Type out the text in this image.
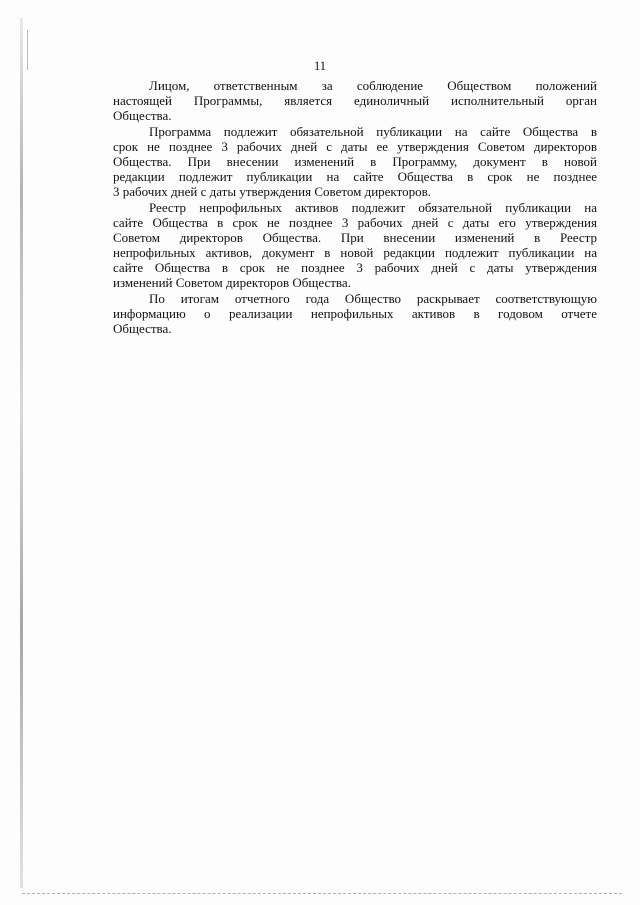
11
Лицом, ответственным за соблюдение Обществом положений
настоящей Программы, является единоличный исполнительный орган
Общества.
Программа подлежит обязательной публикации на сайте Общества в
срок не позднее 3 рабочих дней с даты ее утверждения Советом директоров
Общества. При внесении изменений в Программу, документ в новой
редакции подлежит публикации на сайте Общества в срок не позднее
3 рабочих дней с даты утверждения Советом директоров.
Реестр непрофильных активов подлежит обязательной публикации на
сайте Общества в срок не позднее 3 рабочих дней с даты его утверждения
Советом директоров Общества. При внесении изменений в Реестр
непрофильных активов, документ в новой редакции подлежит публикации на
сайте Общества в срок не позднее 3 рабочих дней с даты утверждения
изменений Советом директоров Общества.
По итогам отчетного года Общество раскрывает соответствующую
информацию о реализации непрофильных активов в годовом отчете
Общества.
